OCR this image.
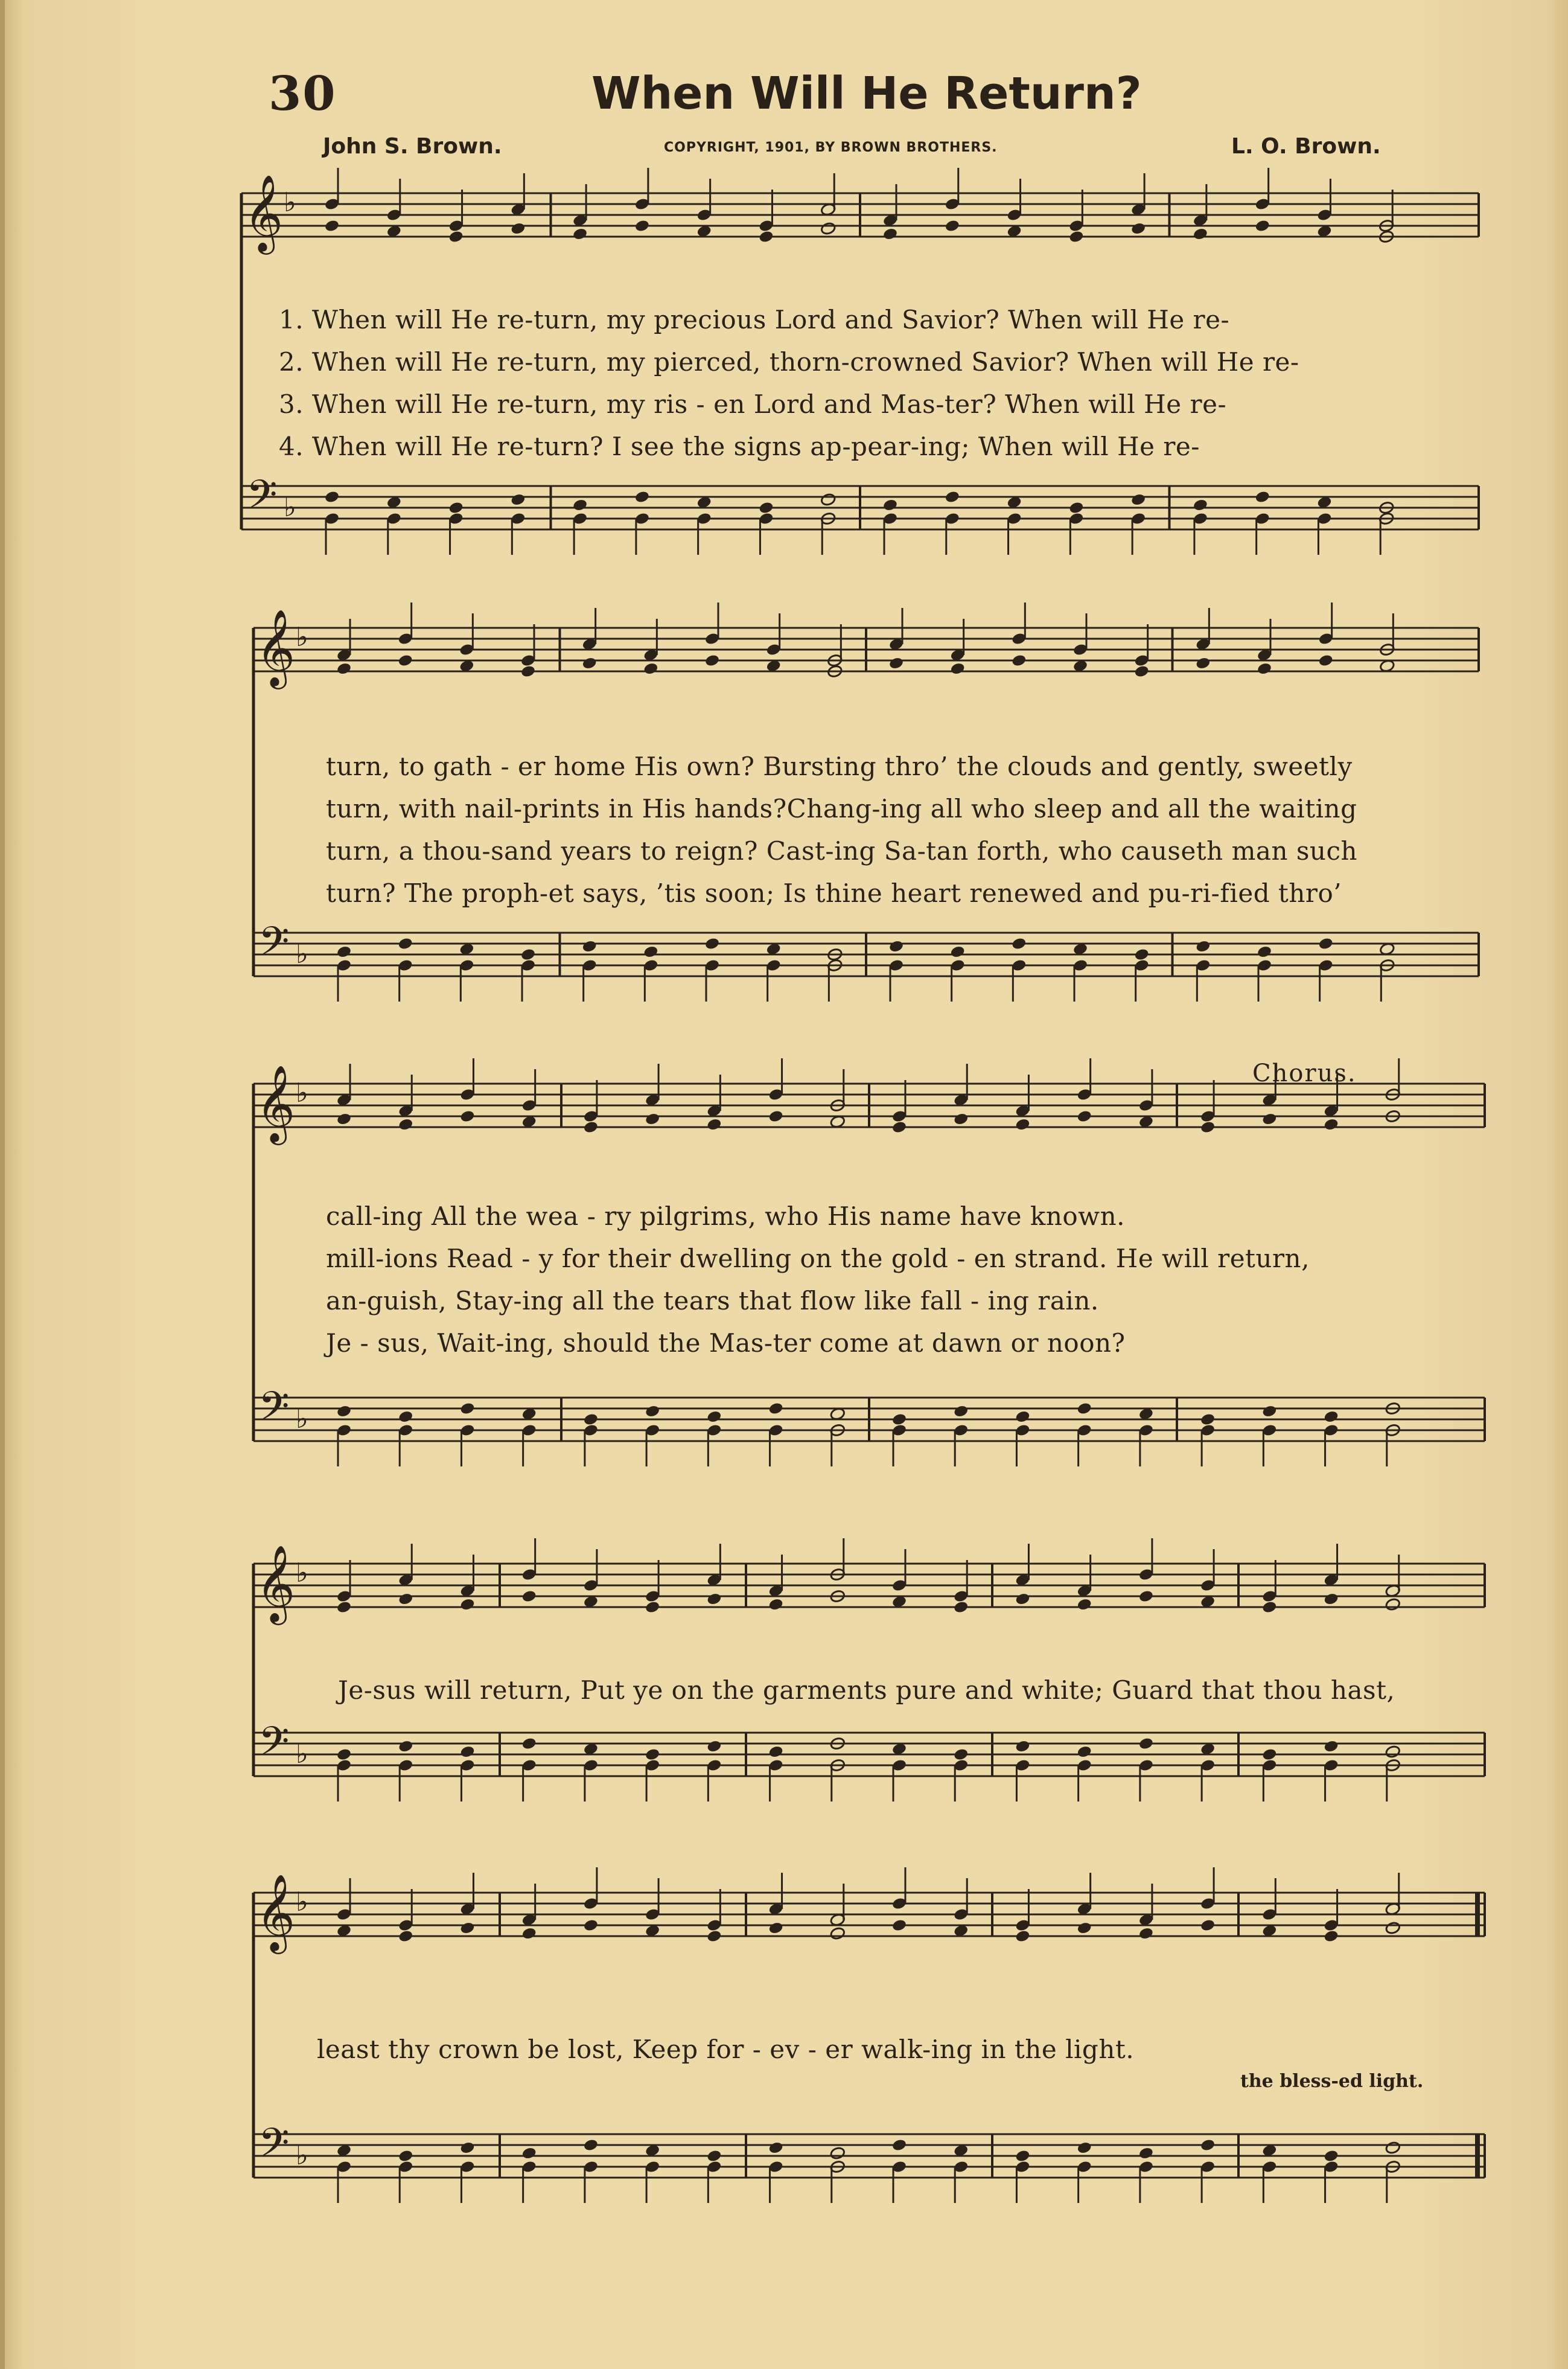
30	When Will He Return?
John S. Brown.	COPYRIGHT, 1901, BY BROWN BROTHERS.	L. O. Brown.
𝄞
𝄢
♭
♭
𝄞
𝄢
♭
♭
𝄞
𝄢
♭
♭
𝄞
𝄢
♭
♭
𝄞
𝄢
♭
♭
1. When will He re-turn, my precious Lord and Savior? When will He re-
2. When will He re-turn, my pierced, thorn-crowned Savior? When will He re-
3. When will He re-turn, my ris - en Lord and Mas-ter? When will He re-
4. When will He re-turn? I see the signs ap-pear-ing; When will He re-
turn, to gath - er home His own? Bursting thro’ the clouds and gently, sweetly
turn, with nail-prints in His hands?Chang-ing all who sleep and all the waiting
turn, a thou-sand years to reign? Cast-ing Sa-tan forth, who causeth man such
turn? The proph-et says, ’tis soon; Is thine heart renewed and pu-ri-fied thro’
Chorus.
call-ing All the wea - ry pilgrims, who His name have known.
mill-ions Read - y for their dwelling on the gold - en strand. He will return,
an-guish, Stay-ing all the tears that flow like fall - ing rain.
Je - sus, Wait-ing, should the Mas-ter come at dawn or noon?
Je-sus will return, Put ye on the garments pure and white; Guard that thou hast,
least thy crown be lost, Keep for - ev - er walk-ing in the light.
the bless-ed light.
